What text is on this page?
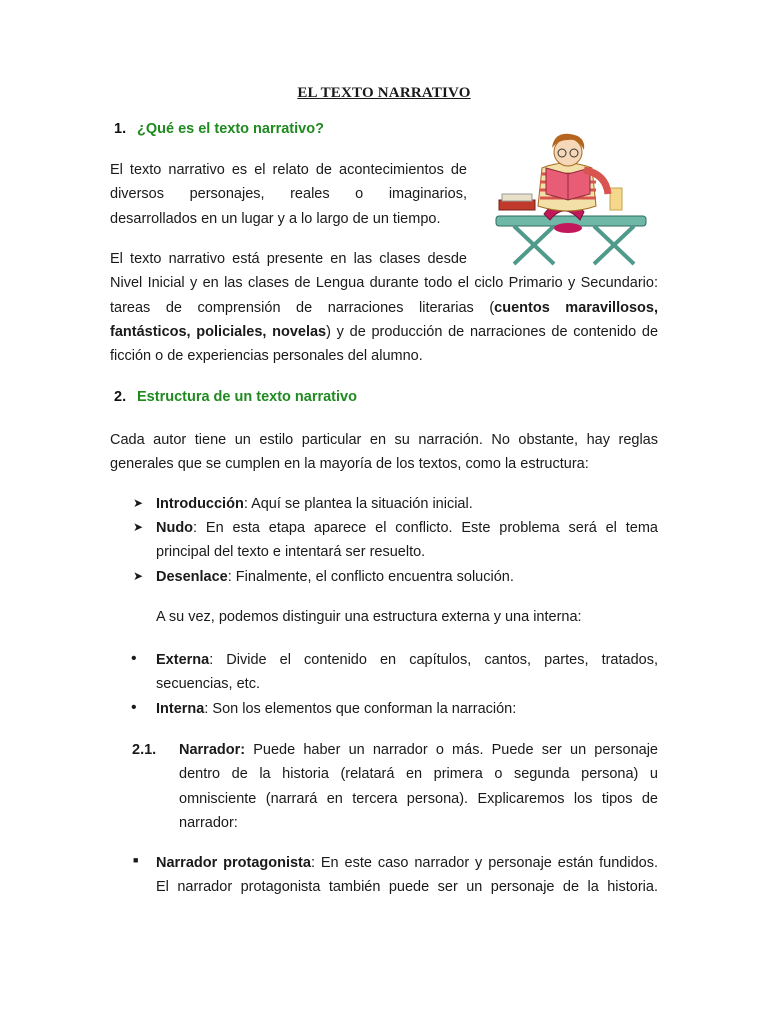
EL TEXTO NARRATIVO
1. ¿Qué es el texto narrativo?
El texto narrativo es el relato de acontecimientos de
diversos personajes, reales o imaginarios,
desarrollados en un lugar y a lo largo de un tiempo.
El texto narrativo está presente en las clases desde
Nivel Inicial y en las clases de Lengua durante todo el ciclo Primario y Secundario:
tareas de comprensión de narraciones literarias (cuentos maravillosos,
fantásticos, policiales, novelas) y de producción de narraciones de contenido de
ficción o de experiencias personales del alumno.
2. Estructura de un texto narrativo
Cada autor tiene un estilo particular en su narración. No obstante, hay reglas
generales que se cumplen en la mayoría de los textos, como la estructura:
➤ Introducción: Aquí se plantea la situación inicial.
➤ Nudo: En esta etapa aparece el conflicto. Este problema será el tema
principal del texto e intentará ser resuelto.
➤ Desenlace: Finalmente, el conflicto encuentra solución.
A su vez, podemos distinguir una estructura externa y una interna:
• Externa: Divide el contenido en capítulos, cantos, partes, tratados,
secuencias, etc.
• Interna: Son los elementos que conforman la narración:
2.1.	Narrador: Puede haber un narrador o más. Puede ser un personaje
dentro de la historia (relatará en primera o segunda persona) u
omnisciente (narrará en tercera persona). Explicaremos los tipos de
narrador:
■ Narrador protagonista: En este caso narrador y personaje están fundidos.
El narrador protagonista también puede ser un personaje de la historia.
